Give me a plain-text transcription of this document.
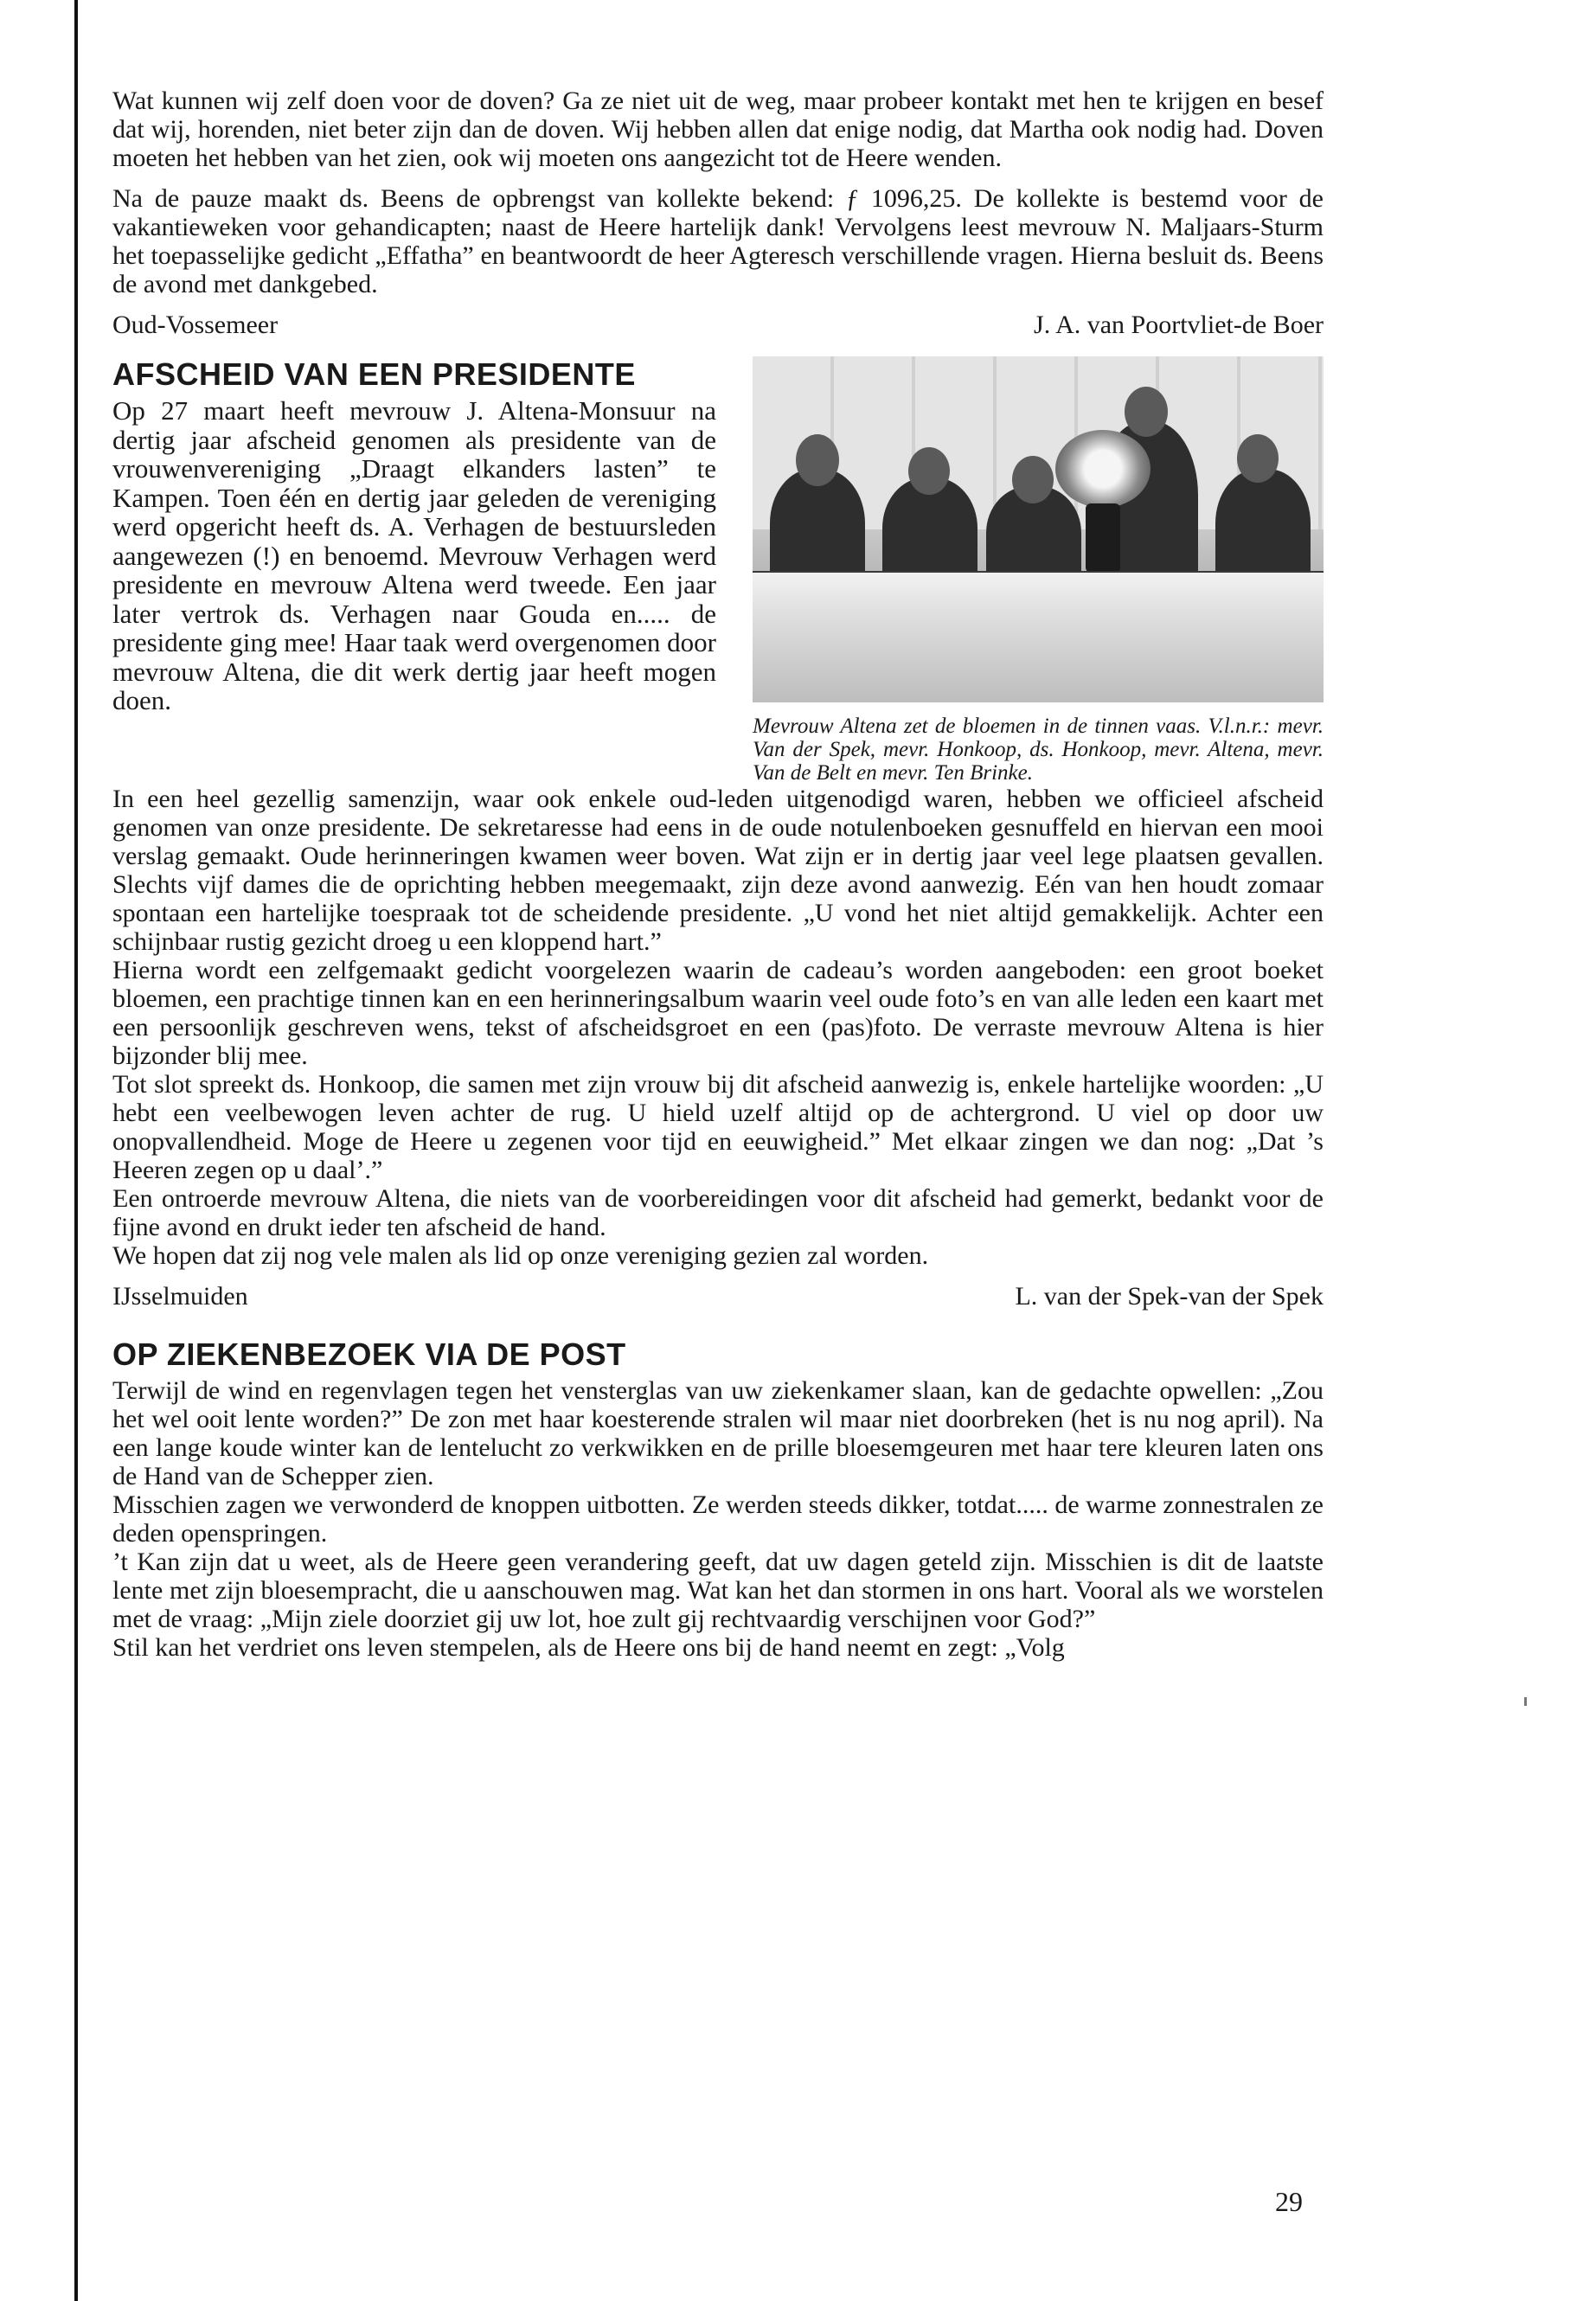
Wat kunnen wij zelf doen voor de doven? Ga ze niet uit de weg, maar probeer kontakt met hen te krijgen en besef dat wij, horenden, niet beter zijn dan de doven. Wij hebben allen dat enige nodig, dat Martha ook nodig had. Doven moeten het hebben van het zien, ook wij moeten ons aangezicht tot de Heere wenden.

Na de pauze maakt ds. Beens de opbrengst van kollekte bekend: ƒ 1096,25. De kollekte is bestemd voor de vakantieweken voor gehandicapten; naast de Heere hartelijk dank! Vervolgens leest mevrouw N. Maljaars-Sturm het toepasselijke gedicht „Effatha” en beantwoordt de heer Agteresch verschillende vragen. Hierna besluit ds. Beens de avond met dankgebed.

Oud-Vossemeer	J. A. van Poortvliet-de Boer
AFSCHEID VAN EEN PRESIDENTE

Op 27 maart heeft mevrouw J. Altena-Monsuur na dertig jaar afscheid genomen als presidente van de vrouwenvereniging „Draagt elkanders lasten” te Kampen. Toen één en dertig jaar geleden de vereniging werd opgericht heeft ds. A. Verhagen de bestuursleden aangewezen (!) en benoemd. Mevrouw Verhagen werd presidente en mevrouw Altena werd tweede. Een jaar later vertrok ds. Verhagen naar Gouda en..... de presidente ging mee! Haar taak werd overgenomen door mevrouw Altena, die dit werk dertig jaar heeft mogen doen.

Mevrouw Altena zet de bloemen in de tinnen vaas. V.l.n.r.: mevr. Van der Spek, mevr. Honkoop, ds. Honkoop, mevr. Altena, mevr. Van de Belt en mevr. Ten Brinke.

In een heel gezellig samenzijn, waar ook enkele oud-leden uitgenodigd waren, hebben we officieel afscheid genomen van onze presidente. De sekretaresse had eens in de oude notulenboeken gesnuffeld en hiervan een mooi verslag gemaakt. Oude herinneringen kwamen weer boven. Wat zijn er in dertig jaar veel lege plaatsen gevallen. Slechts vijf dames die de oprichting hebben meegemaakt, zijn deze avond aanwezig. Eén van hen houdt zomaar spontaan een hartelijke toespraak tot de scheidende presidente. „U vond het niet altijd gemakkelijk. Achter een schijnbaar rustig gezicht droeg u een kloppend hart.”

Hierna wordt een zelfgemaakt gedicht voorgelezen waarin de cadeau’s worden aangeboden: een groot boeket bloemen, een prachtige tinnen kan en een herinneringsalbum waarin veel oude foto’s en van alle leden een kaart met een persoonlijk geschreven wens, tekst of afscheidsgroet en een (pas)foto. De verraste mevrouw Altena is hier bijzonder blij mee.

Tot slot spreekt ds. Honkoop, die samen met zijn vrouw bij dit afscheid aanwezig is, enkele hartelijke woorden: „U hebt een veelbewogen leven achter de rug. U hield uzelf altijd op de achtergrond. U viel op door uw onopvallendheid. Moge de Heere u zegenen voor tijd en eeuwigheid.” Met elkaar zingen we dan nog: „Dat ’s Heeren zegen op u daal’.”

Een ontroerde mevrouw Altena, die niets van de voorbereidingen voor dit afscheid had gemerkt, bedankt voor de fijne avond en drukt ieder ten afscheid de hand.

We hopen dat zij nog vele malen als lid op onze vereniging gezien zal worden.

IJsselmuiden	L. van der Spek-van der Spek
OP ZIEKENBEZOEK VIA DE POST

Terwijl de wind en regenvlagen tegen het vensterglas van uw ziekenkamer slaan, kan de gedachte opwellen: „Zou het wel ooit lente worden?” De zon met haar koesterende stralen wil maar niet doorbreken (het is nu nog april). Na een lange koude winter kan de lentelucht zo verkwikken en de prille bloesemgeuren met haar tere kleuren laten ons de Hand van de Schepper zien.

Misschien zagen we verwonderd de knoppen uitbotten. Ze werden steeds dikker, totdat..... de warme zonnestralen ze deden openspringen.

’t Kan zijn dat u weet, als de Heere geen verandering geeft, dat uw dagen geteld zijn. Misschien is dit de laatste lente met zijn bloesempracht, die u aanschouwen mag. Wat kan het dan stormen in ons hart. Vooral als we worstelen met de vraag: „Mijn ziele doorziet gij uw lot, hoe zult gij rechtvaardig verschijnen voor God?”

Stil kan het verdriet ons leven stempelen, als de Heere ons bij de hand neemt en zegt: „Volg

29
